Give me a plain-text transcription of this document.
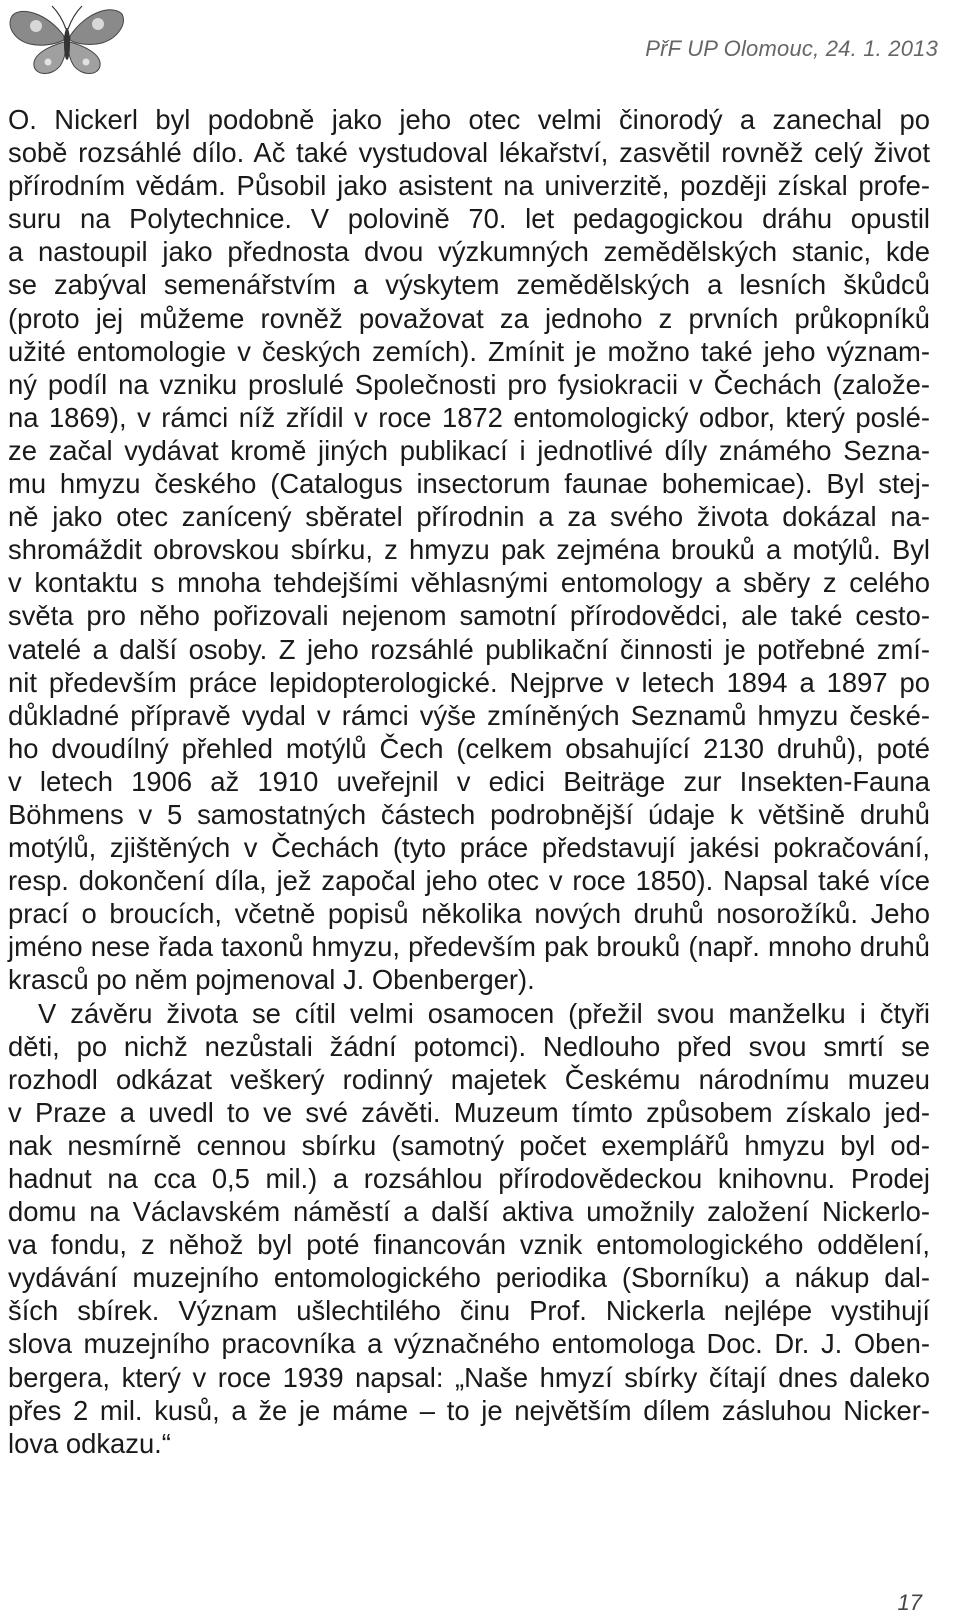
PřF UP Olomouc, 24. 1. 2013
O. Nickerl byl podobně jako jeho otec velmi činorodý a zanechal po
sobě rozsáhlé dílo. Ač také vystudoval lékařství, zasvětil rovněž celý život
přírodním vědám. Působil jako asistent na univerzitě, později získal profe-
suru na Polytechnice. V polovině 70. let pedagogickou dráhu opustil
a nastoupil jako přednosta dvou výzkumných zemědělských stanic, kde
se zabýval semenářstvím a výskytem zemědělských a lesních škůdců
(proto jej můžeme rovněž považovat za jednoho z prvních průkopníků
užité entomologie v českých zemích). Zmínit je možno také jeho význam-
ný podíl na vzniku proslulé Společnosti pro fysiokracii v Čechách (založe-
na 1869), v rámci níž zřídil v roce 1872 entomologický odbor, který poslé-
ze začal vydávat kromě jiných publikací i jednotlivé díly známého Sezna-
mu hmyzu českého (Catalogus insectorum faunae bohemicae). Byl stej-
ně jako otec zanícený sběratel přírodnin a za svého života dokázal na-
shromáždit obrovskou sbírku, z hmyzu pak zejména brouků a motýlů. Byl
v kontaktu s mnoha tehdejšími věhlasnými entomology a sběry z celého
světa pro něho pořizovali nejenom samotní přírodovědci, ale také cesto-
vatelé a další osoby. Z jeho rozsáhlé publikační činnosti je potřebné zmí-
nit především práce lepidopterologické. Nejprve v letech 1894 a 1897 po
důkladné přípravě vydal v rámci výše zmíněných Seznamů hmyzu české-
ho dvoudílný přehled motýlů Čech (celkem obsahující 2130 druhů), poté
v letech 1906 až 1910 uveřejnil v edici Beiträge zur Insekten-Fauna
Böhmens v 5 samostatných částech podrobnější údaje k většině druhů
motýlů, zjištěných v Čechách (tyto práce představují jakési pokračování,
resp. dokončení díla, jež započal jeho otec v roce 1850). Napsal také více
prací o broucích, včetně popisů několika nových druhů nosorožíků. Jeho
jméno nese řada taxonů hmyzu, především pak brouků (např. mnoho druhů
krasců po něm pojmenoval J. Obenberger).
V závěru života se cítil velmi osamocen (přežil svou manželku i čtyři
děti, po nichž nezůstali žádní potomci). Nedlouho před svou smrtí se
rozhodl odkázat veškerý rodinný majetek Českému národnímu muzeu
v Praze a uvedl to ve své závěti. Muzeum tímto způsobem získalo jed-
nak nesmírně cennou sbírku (samotný počet exemplářů hmyzu byl od-
hadnut na cca 0,5 mil.) a rozsáhlou přírodovědeckou knihovnu. Prodej
domu na Václavském náměstí a další aktiva umožnily založení Nickerlo-
va fondu, z něhož byl poté financován vznik entomologického oddělení,
vydávání muzejního entomologického periodika (Sborníku) a nákup dal-
ších sbírek. Význam ušlechtilého činu Prof. Nickerla nejlépe vystihují
slova muzejního pracovníka a význačného entomologa Doc. Dr. J. Oben-
bergera, který v roce 1939 napsal: „Naše hmyzí sbírky čítají dnes daleko
přes 2 mil. kusů, a že je máme – to je největším dílem zásluhou Nicker-
lova odkazu.“
17
